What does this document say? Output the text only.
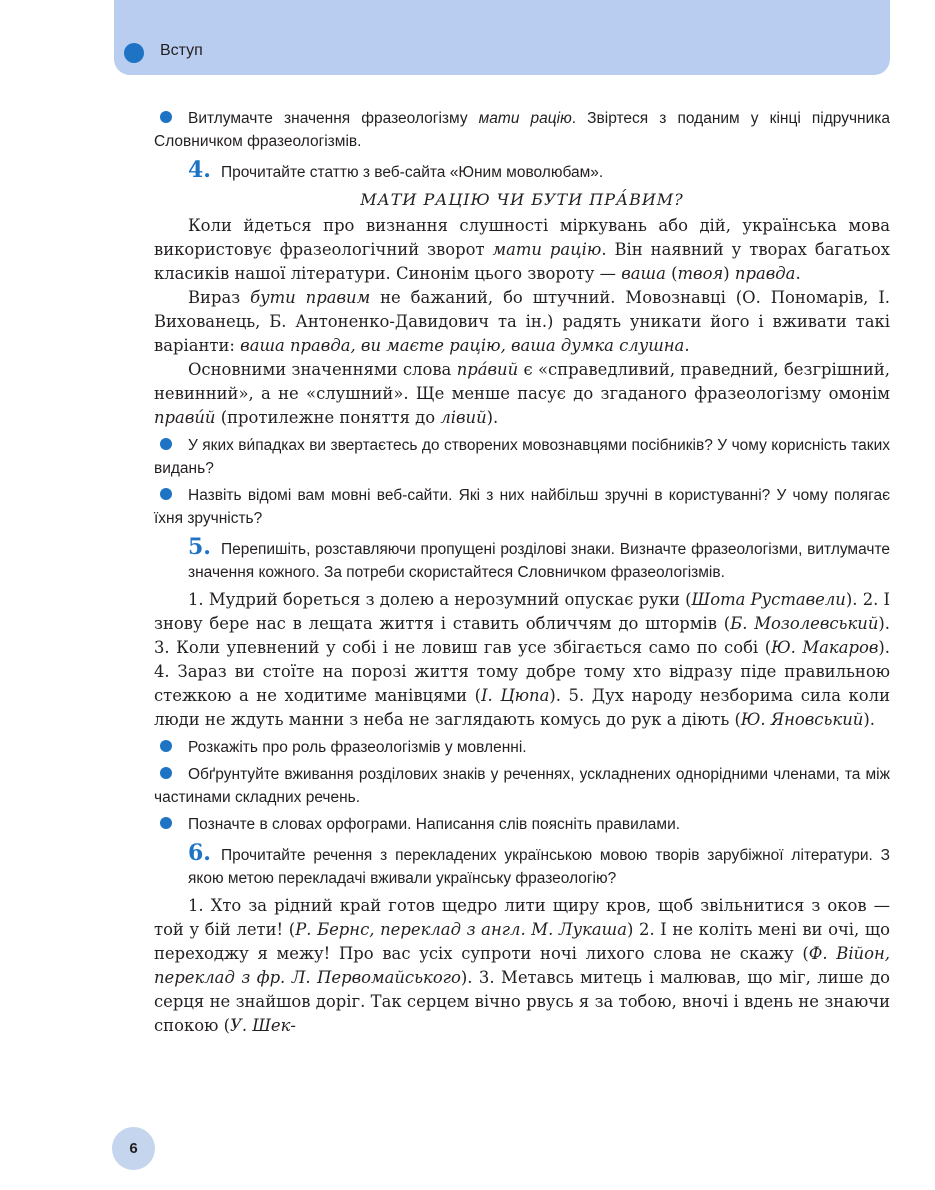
Вступ

Витлумачте значення фразеологізму мати рацію. Звіртеся з поданим у кінці підручника Словничком фразеологізмів.

4. Прочитайте статтю з веб-сайта «Юним моволюбам».

МАТИ РАЦІЮ ЧИ БУТИ ПРА́ВИМ?

Коли йдеться про визнання слушності міркувань або дій, українська мова використовує фразеологічний зворот мати рацію. Він наявний у творах багатьох класиків нашої літератури. Синонім цього звороту — ваша (твоя) правда.

Вираз бути правим не бажаний, бо штучний. Мовознавці (О. Пономарів, І. Вихованець, Б. Антоненко-Давидович та ін.) радять уникати його і вживати такі варіанти: ваша правда, ви маєте рацію, ваша думка слушна.

Основними значеннями слова пра́вий є «справедливий, праведний, безгрішний, невинний», а не «слушний». Ще менше пасує до згаданого фразеологізму омонім правúй (протилежне поняття до лівий).

У яких ви́падках ви звертаєтесь до створених мовознавцями посібників? У чому корисність таких видань?

Назвіть відомі вам мовні веб-сайти. Які з них найбільш зручні в користуванні? У чому полягає їхня зручність?

5. Перепишіть, розставляючи пропущені розділові знаки. Визначте фразеологізми, витлумачте значення кожного. За потреби скористайтеся Словничком фразеологізмів.

1. Мудрий бореться з долею а нерозумний опускає руки (Шота Руставели). 2. І знову бере нас в лещата життя і ставить обличчям до штормів (Б. Мозолевський). 3. Коли упевнений у собі і не ловиш гав усе збігається само по собі (Ю. Макаров). 4. Зараз ви стоїте на порозі життя тому добре тому хто відразу піде правильною стежкою а не ходитиме манівцями (І. Цюпа). 5. Дух народу незборима сила коли люди не ждуть манни з неба не заглядають комусь до рук а діють (Ю. Яновський).

Розкажіть про роль фразеологізмів у мовленні.

Обґрунтуйте вживання розділових знаків у реченнях, ускладнених однорідними членами, та між частинами складних речень.

Позначте в словах орфограми. Написання слів поясніть правилами.

6. Прочитайте речення з перекладених українською мовою творів зарубіжної літератури. З якою метою перекладачі вживали українську фразеологію?

1. Хто за рідний край готов щедро лити щиру кров, щоб звільнитися з оков — той у бій лети! (Р. Бернс, переклад з англ. М. Лукаша) 2. І не коліть мені ви очі, що переходжу я межу! Про вас усіх супроти ночі лихого слова не скажу (Ф. Війон, переклад з фр. Л. Первомайського). 3. Метавсь митець і малював, що міг, лише до серця не знайшов доріг. Так серцем вічно рвусь я за тобою, вночі і вдень не знаючи спокою (У. Шек-

6
